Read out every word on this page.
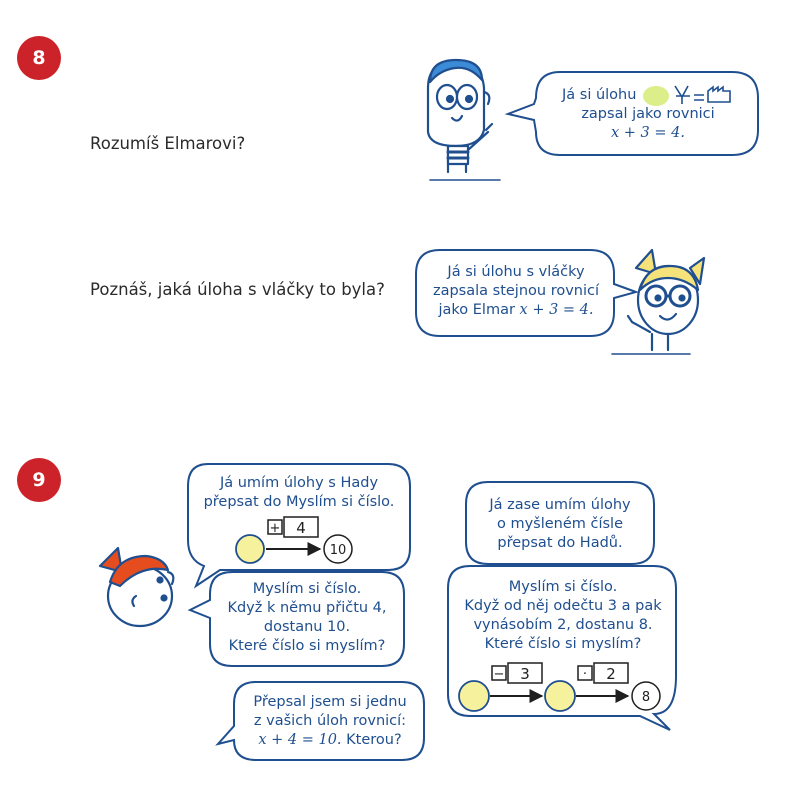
+ 4
10
− 3	· 2
8
8
9
Rozumíš Elmarovi?
Poznáš, jaká úloha s vláčky to byla?
Já si úlohu
zapsal jako rovnici
x + 3 = 4.
Já si úlohu s vláčky
zapsala stejnou rovnicí
jako Elmar x + 3 = 4.
Já umím úlohy s Hady
přepsat do Myslím si číslo.
Myslím si číslo.
Když k němu přičtu 4,
dostanu 10.
Které číslo si myslím?
Přepsal jsem si jednu
z vašich úloh rovnicí:
x + 4 = 10. Kterou?
Já zase umím úlohy
o myšleném čísle
přepsat do Hadů.
Myslím si číslo.
Když od něj odečtu 3 a pak
vynásobím 2, dostanu 8.
Které číslo si myslím?
